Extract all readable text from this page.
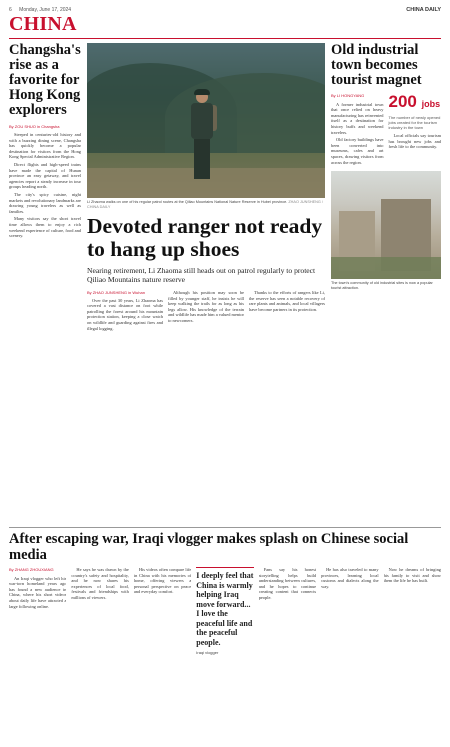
6 Monday, June 17, 2024	CHINA DAILY
CHINA
Changsha's rise as a favorite for Hong Kong explorers
By ZOU SHUO in Changsha

Steeped in centuries-old history and with a buzzing dining scene, Changsha has quickly become a popular destination for visitors from the Hong Kong Special Administrative Region.

Direct flights and high-speed trains have made the capital of Hunan province an easy getaway, and travel agencies report a steady increase in tour groups heading north.

The city's spicy cuisine, night markets and revolutionary landmarks are drawing young travelers as well as families.

Many visitors say the short travel time allows them to enjoy a rich weekend experience of culture, food and scenery.

Li Zhaoma walks on one of his regular patrol routes at the Qiliao Mountains National Nature Reserve in Hubei province. ZHAO JUNSHENG / CHINA DAILY
Devoted ranger not ready to hang up shoes
Nearing retirement, Li Zhaoma still heads out on patrol regularly to protect Qiliao Mountains nature reserve
By ZHAO JUNSHENG in Wuhan

Over the past 30 years, Li Zhaoma has covered a vast distance on foot while patrolling the forest around his mountain protection station, keeping a close watch on wildlife and guarding against fires and illegal logging.

Although his position may soon be filled by younger staff, he insists he will keep walking the trails for as long as his legs allow. His knowledge of the terrain and wildlife has made him a valued mentor to newcomers.

Thanks to the efforts of rangers like Li, the reserve has seen a notable recovery of rare plants and animals, and local villagers have become partners in its protection.

Old industrial town becomes tourist magnet
By LI HONGYANG

A former industrial town that once relied on heavy manufacturing has reinvented itself as a destination for history buffs and weekend travelers.

Old factory buildings have been converted into museums, cafes and art spaces, drawing visitors from across the region.

200 jobs
The number of newly opened jobs created for the tourism industry in the town

Local officials say tourism has brought new jobs and fresh life to the community.

The town's community of old industrial sites is now a popular tourist attraction.
After escaping war, Iraqi vlogger makes splash on Chinese social media
By ZHANG ZHOUXIANG

An Iraqi vlogger who left his war-torn homeland years ago has found a new audience in China, where his short videos about daily life have attracted a large following online.

He says he was drawn by the country's safety and hospitality, and he now shares his experiences of local food, festivals and friendships with millions of viewers.

His videos often compare life in China with his memories of home, offering viewers a personal perspective on peace and everyday comfort.

I deeply feel that China is warmly helping Iraq move forward... I love the peaceful life and the peaceful people.
Iraqi vlogger

Fans say his honest storytelling helps build understanding between cultures, and he hopes to continue creating content that connects people.

He has also traveled to many provinces, learning local customs and dialects along the way.

Now he dreams of bringing his family to visit and show them the life he has built.
